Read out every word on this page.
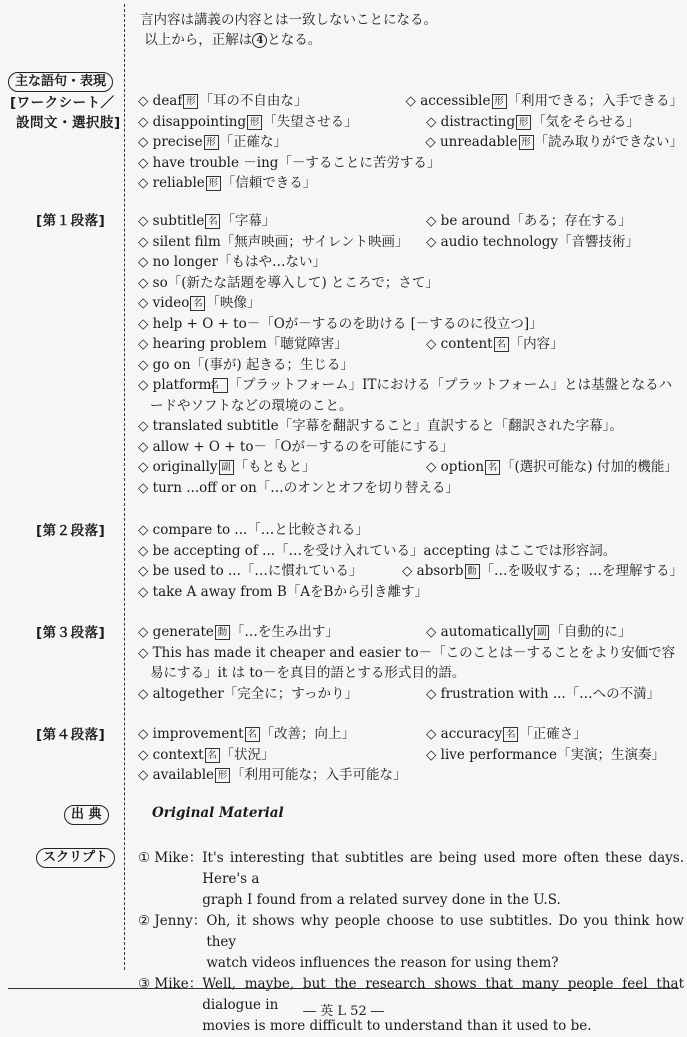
言内容は講義の内容とは一致しないことになる。
以上から，正解は 4 となる。
主な語句・表現
[ワークシート／
設問文・選択肢]
[第１段落]
[第２段落]
[第３段落]
[第４段落]
出 典
スクリプト
◇ deaf 形 「耳の不自由な」	◇ accessible 形 「利用できる；入手できる」
◇ disappointing 形 「失望させる」	◇ distracting 形 「気をそらせる」
◇ precise 形 「正確な」	◇ unreadable 形 「読み取りができない」
◇ have trouble －ing「－することに苦労する」
◇ reliable 形 「信頼できる」
◇ subtitle 名 「字幕」	◇ be around「ある；存在する」
◇ silent film「無声映画；サイレント映画」	◇ audio technology「音響技術」
◇ no longer「もはや…ない」
◇ so「(新たな話題を導入して) ところで；さて」
◇ video 名 「映像」
◇ help + O + to－「Oが－するのを助ける [－するのに役立つ]」
◇ hearing problem「聴覚障害」	◇ content 名 「内容」
◇ go on「(事が) 起きる；生じる」
◇ platform名 「プラットフォーム」ITにおける「プラットフォーム」とは基盤となるハードやソフトなどの環境のこと。
◇ translated subtitle「字幕を翻訳すること」直訳すると「翻訳された字幕」。
◇ allow + O + to－「Oが－するのを可能にする」
◇ originally 副 「もともと」	◇ option 名 「(選択可能な) 付加的機能」
◇ turn ...off or on「…のオンとオフを切り替える」
◇ compare to ...「…と比較される」
◇ be accepting of ...「…を受け入れている」accepting はここでは形容詞。
◇ be used to ...「…に慣れている」	◇ absorb 動 「…を吸収する；…を理解する」
◇ take A away from B「AをBから引き離す」
◇ generate 動 「…を生み出す」	◇ automatically 副 「自動的に」
◇ This has made it cheaper and easier to－「このことは－することをより安価で容易にする」it は to－を真目的語とする形式目的語。
◇ altogether「完全に；すっかり」	◇ frustration with ...「…への不満」
◇ improvement 名 「改善；向上」	◇ accuracy 名 「正確さ」
◇ context 名 「状況」	◇ live performance「実演；生演奏」
◇ available 形 「利用可能な；入手可能な」
Original Material
① Mike： It's interesting that subtitles are being used more often these days. Here's a
graph I found from a related survey done in the U.S.
② Jenny： Oh, it shows why people choose to use subtitles. Do you think how they
watch videos influences the reason for using them?
③ Mike： Well, maybe, but the research shows that many people feel that dialogue in
movies is more difficult to understand than it used to be.
― 英 L 52 ―
